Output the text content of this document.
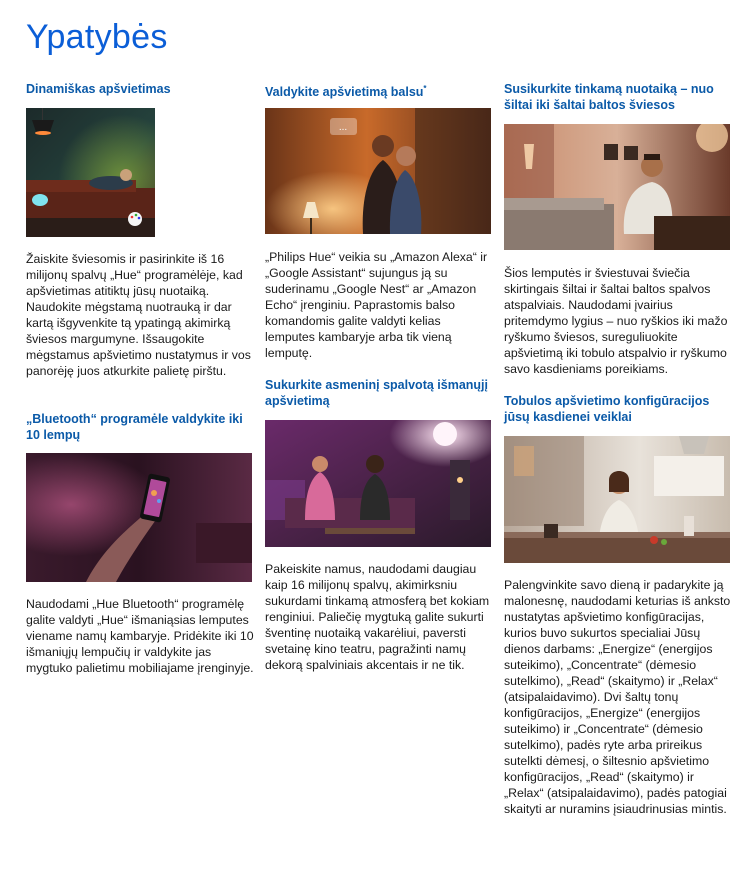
Ypatybės
Dinamiškas apšvietimas

Žaiskite šviesomis ir pasirinkite iš 16 milijonų spalvų „Hue“ programėlėje, kad apšvietimas atitiktų jūsų nuotaiką. Naudokite mėgstamą nuotrauką ir dar kartą išgyvenkite tą ypatingą akimirką šviesos margumyne. Išsaugokite mėgstamus apšvietimo nustatymus ir vos panorėję juos atkurkite palietę pirštu.

„Bluetooth“ programėle valdykite iki 10 lempų

Naudodami „Hue Bluetooth“ programėlę galite valdyti „Hue“ išmaniąsias lemputes viename namų kambaryje. Pridėkite iki 10 išmaniųjų lempučių ir valdykite jas mygtuko palietimu mobiliajame įrenginyje.

Valdykite apšvietimą balsu*
...

„Philips Hue“ veikia su „Amazon Alexa“ ir „Google Assistant“ sujungus ją su suderinamu „Google Nest“ ar „Amazon Echo“ įrenginiu. Paprastomis balso komandomis galite valdyti kelias lemputes kambaryje arba tik vieną lemputę.

Sukurkite asmeninį spalvotą išmanųjį apšvietimą

Pakeiskite namus, naudodami daugiau kaip 16 milijonų spalvų, akimirksniu sukurdami tinkamą atmosferą bet kokiam renginiui. Paliečię mygtuką galite sukurti šventinę nuotaiką vakarėliui, paversti svetainę kino teatru, pagražinti namų dekorą spalviniais akcentais ir ne tik.

Susikurkite tinkamą nuotaiką – nuo šiltai iki šaltai baltos šviesos

Šios lemputės ir šviestuvai šviečia skirtingais šiltai ir šaltai baltos spalvos atspalviais. Naudodami įvairius pritemdymo lygius – nuo ryškios iki mažo ryškumo šviesos, sureguliuokite apšvietimą iki tobulo atspalvio ir ryškumo savo kasdieniams poreikiams.

Tobulos apšvietimo konfigūracijos jūsų kasdienei veiklai

Palengvinkite savo dieną ir padarykite ją malonesnę, naudodami keturias iš anksto nustatytas apšvietimo konfigūracijas, kurios buvo sukurtos specialiai Jūsų dienos darbams: „Energize“ (energijos suteikimo), „Concentrate“ (dėmesio sutelkimo), „Read“ (skaitymo) ir „Relax“ (atsipalaidavimo). Dvi šaltų tonų konfigūracijos, „Energize“ (energijos suteikimo) ir „Concentrate“ (dėmesio sutelkimo), padės ryte arba prireikus sutelkti dėmesį, o šiltesnio apšvietimo konfigūracijos, „Read“ (skaitymo) ir „Relax“ (atsipalaidavimo), padės patogiai skaityti ar nuramins įsiaudrinusias mintis.
